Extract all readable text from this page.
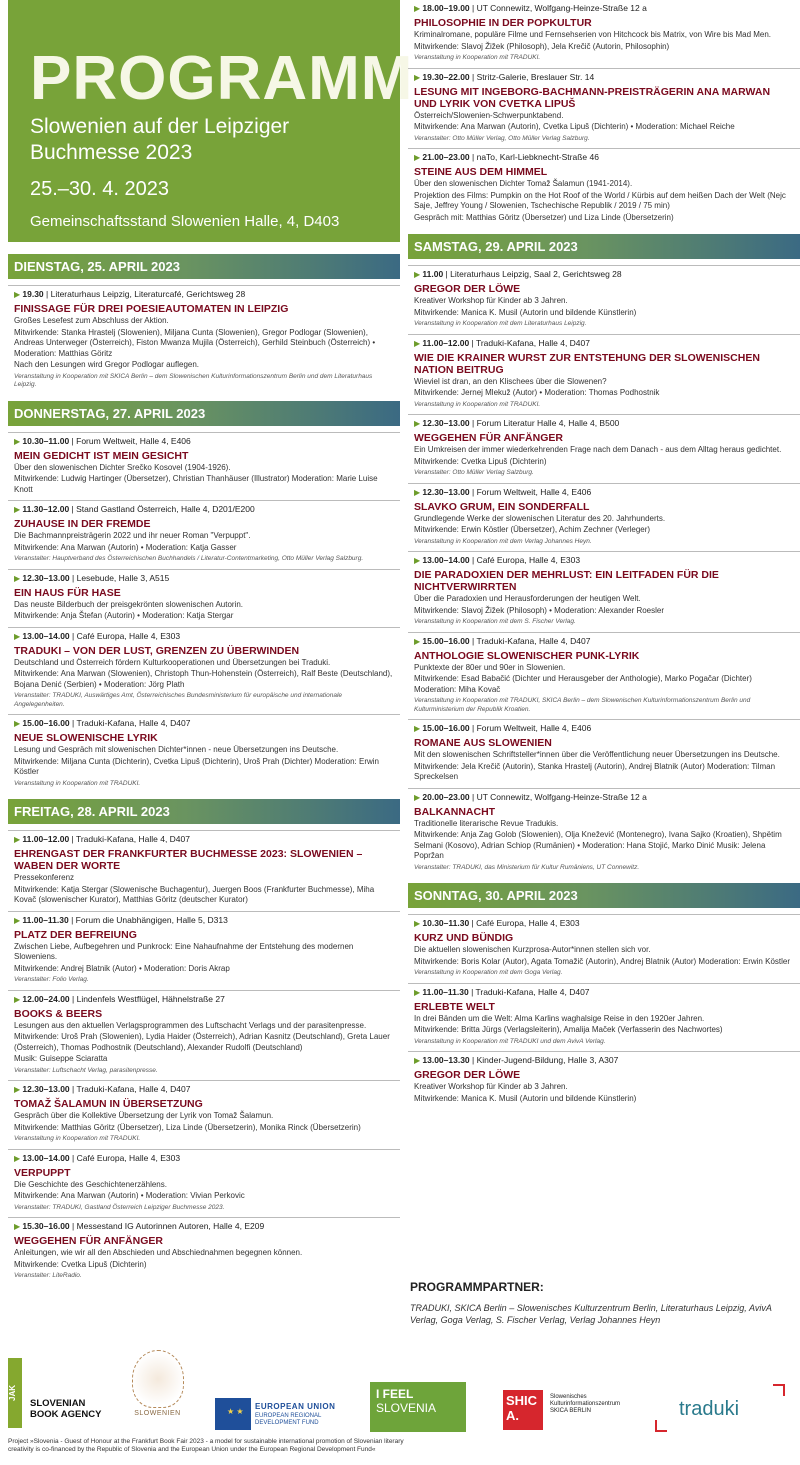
PROGRAMM
Slowenien auf der Leipziger Buchmesse 2023
25.–30. 4. 2023
Gemeinschaftsstand Slowenien Halle, 4, D403
DIENSTAG, 25. APRIL 2023
▶ 19.30 | Literaturhaus Leipzig, Literaturcafé, Gerichtsweg 28
FINISSAGE FÜR DREI POESIEAUTOMATEN IN LEIPZIG
Großes Lesefest zum Abschluss der Aktion.
Mitwirkende: Stanka Hrastelj (Slowenien), Miljana Cunta (Slowenien), Gregor Podlogar (Slowenien), Andreas Unterweger (Österreich), Fiston Mwanza Mujila (Österreich), Gerhild Steinbuch (Österreich) • Moderation: Matthias Göritz
Nach den Lesungen wird Gregor Podlogar auflegen.
Veranstaltung in Kooperation mit SKICA Berlin – dem Slowenischen Kulturinformationszentrum Berlin und dem Literaturhaus Leipzig.
DONNERSTAG, 27. APRIL 2023
▶ 10.30–11.00 | Forum Weltweit, Halle 4, E406
MEIN GEDICHT IST MEIN GESICHT
Über den slowenischen Dichter Srečko Kosovel (1904-1926).
Mitwirkende: Ludwig Hartinger (Übersetzer), Christian Thanhäuser (Illustrator) Moderation: Marie Luise Knott
▶ 11.30–12.00 | Stand Gastland Österreich, Halle 4, D201/E200
ZUHAUSE IN DER FREMDE
Die Bachmannpreisträgerin 2022 und ihr neuer Roman "Verpuppt".
Mitwirkende: Ana Marwan (Autorin) • Moderation: Katja Gasser
Veranstalter: Hauptverband des Österreichischen Buchhandels / Literatur-Contentmarketing, Otto Müller Verlag Salzburg.
▶ 12.30–13.00 | Lesebude, Halle 3, A515
EIN HAUS FÜR HASE
Das neuste Bilderbuch der preisgekrönten slowenischen Autorin.
Mitwirkende: Anja Štefan (Autorin) • Moderation: Katja Stergar
▶ 13.00–14.00 | Café Europa, Halle 4, E303
TRADUKI – VON DER LUST, GRENZEN ZU ÜBERWINDEN
Deutschland und Österreich fördern Kulturkooperationen und Übersetzungen bei Traduki.
Mitwirkende: Ana Marwan (Slowenien), Christoph Thun-Hohenstein (Österreich), Ralf Beste (Deutschland), Bojana Denić (Serbien) • Moderation: Jörg Plath
Veranstalter: TRADUKI, Auswärtiges Amt, Österreichisches Bundesministerium für europäische und internationale Angelegenheiten.
▶ 15.00–16.00 | Traduki-Kafana, Halle 4, D407
NEUE SLOWENISCHE LYRIK
Lesung und Gespräch mit slowenischen Dichter*innen - neue Übersetzungen ins Deutsche.
Mitwirkende: Miljana Cunta (Dichterin), Cvetka Lipuš (Dichterin), Uroš Prah (Dichter) Moderation: Erwin Köstler
Veranstaltung in Kooperation mit TRADUKI.
FREITAG, 28. APRIL 2023
▶ 11.00–12.00 | Traduki-Kafana, Halle 4, D407
EHRENGAST DER FRANKFURTER BUCHMESSE 2023: SLOWENIEN – WABEN DER WORTE
Pressekonferenz
Mitwirkende: Katja Stergar (Slowenische Buchagentur), Juergen Boos (Frankfurter Buchmesse), Miha Kovač (slowenischer Kurator), Matthias Göritz (deutscher Kurator)
▶ 11.00–11.30 | Forum die Unabhängigen, Halle 5, D313
PLATZ DER BEFREIUNG
Zwischen Liebe, Aufbegehren und Punkrock: Eine Nahaufnahme der Entstehung des modernen Sloweniens.
Mitwirkende: Andrej Blatnik (Autor) • Moderation: Doris Akrap
Veranstalter: Folio Verlag.
▶ 12.00–24.00 | Lindenfels Westflügel, Hähnelstraße 27
BOOKS & BEERS
Lesungen aus den aktuellen Verlagsprogrammen des Luftschacht Verlags und der parasitenpresse.
Mitwirkende: Uroš Prah (Slowenien), Lydia Haider (Österreich), Adrian Kasnitz (Deutschland), Greta Lauer (Österreich), Thomas Podhostnik (Deutschland), Alexander Rudolfi (Deutschland)
Musik: Guiseppe Sciaratta
Veranstalter: Luftschacht Verlag, parasitenpresse.
▶ 12.30–13.00 | Traduki-Kafana, Halle 4, D407
TOMAŽ ŠALAMUN IN ÜBERSETZUNG
Gespräch über die Kollektive Übersetzung der Lyrik von Tomaž Šalamun.
Mitwirkende: Matthias Göritz (Übersetzer), Liza Linde (Übersetzerin), Monika Rinck (Übersetzerin)
Veranstaltung in Kooperation mit TRADUKI.
▶ 13.00–14.00 | Café Europa, Halle 4, E303
VERPUPPT
Die Geschichte des Geschichtenerzählens.
Mitwirkende: Ana Marwan (Autorin) • Moderation: Vivian Perkovic
Veranstalter: TRADUKI, Gastland Österreich Leipziger Buchmesse 2023.
▶ 15.30–16.00 | Messestand IG Autorinnen Autoren, Halle 4, E209
WEGGEHEN FÜR ANFÄNGER
Anleitungen, wie wir all den Abschieden und Abschiednahmen begegnen können.
Mitwirkende: Cvetka Lipuš (Dichterin)
Veranstalter: LiteRadio.
▶ 18.00–19.00 | UT Connewitz, Wolfgang-Heinze-Straße 12 a
PHILOSOPHIE IN DER POPKULTUR
Kriminalromane, populäre Filme und Fernsehserien von Hitchcock bis Matrix, von Wire bis Mad Men.
Mitwirkende: Slavoj Žižek (Philosoph), Jela Krečič (Autorin, Philosophin)
Veranstaltung in Kooperation mit TRADUKI.
▶ 19.30–22.00 | Stritz-Galerie, Breslauer Str. 14
LESUNG MIT INGEBORG-BACHMANN-PREISTRÄGERIN ANA MARWAN UND LYRIK VON CVETKA LIPUŠ
Österreich/Slowenien-Schwerpunktabend.
Mitwirkende: Ana Marwan (Autorin), Cvetka Lipuš (Dichterin) • Moderation: Michael Reiche
Veranstalter: Otto Müller Verlag, Otto Müller Verlag Salzburg.
▶ 21.00–23.00 | naTo, Karl-Liebknecht-Straße 46
STEINE AUS DEM HIMMEL
Über den slowenischen Dichter Tomaž Šalamun (1941-2014).
Projektion des Films: Pumpkin on the Hot Roof of the World / Kürbis auf dem heißen Dach der Welt (Nejc Saje, Jeffrey Young / Slowenien, Tschechische Republik / 2019 / 75 min)
Gespräch mit: Matthias Göritz (Übersetzer) und Liza Linde (Übersetzerin)
SAMSTAG, 29. APRIL 2023
▶ 11.00 | Literaturhaus Leipzig, Saal 2, Gerichtsweg 28
GREGOR DER LÖWE
Kreativer Workshop für Kinder ab 3 Jahren.
Mitwirkende: Manica K. Musil (Autorin und bildende Künstlerin)
Veranstaltung in Kooperation mit dem Literaturhaus Leipzig.
▶ 11.00–12.00 | Traduki-Kafana, Halle 4, D407
WIE DIE KRAINER WURST ZUR ENTSTEHUNG DER SLOWENISCHEN NATION BEITRUG
Wieviel ist dran, an den Klischees über die Slowenen?
Mitwirkende: Jernej Mlekuž (Autor) • Moderation: Thomas Podhostnik
Veranstaltung in Kooperation mit TRADUKI.
▶ 12.30–13.00 | Forum Literatur Halle 4, Halle 4, B500
WEGGEHEN FÜR ANFÄNGER
Ein Umkreisen der immer wiederkehrenden Frage nach dem Danach - aus dem Alltag heraus gedichtet.
Mitwirkende: Cvetka Lipuš (Dichterin)
Veranstalter: Otto Müller Verlag Salzburg.
▶ 12.30–13.00 | Forum Weltweit, Halle 4, E406
SLAVKO GRUM, EIN SONDERFALL
Grundlegende Werke der slowenischen Literatur des 20. Jahrhunderts.
Mitwirkende: Erwin Köstler (Übersetzer), Achim Zechner (Verleger)
Veranstaltung in Kooperation mit dem Verlag Johannes Heyn.
▶ 13.00–14.00 | Café Europa, Halle 4, E303
DIE PARADOXIEN DER MEHRLUST: EIN LEITFADEN FÜR DIE NICHTVERWIRRTEN
Über die Paradoxien und Herausforderungen der heutigen Welt.
Mitwirkende: Slavoj Žižek (Philosoph) • Moderation: Alexander Roesler
Veranstaltung in Kooperation mit dem S. Fischer Verlag.
▶ 15.00–16.00 | Traduki-Kafana, Halle 4, D407
ANTHOLOGIE SLOWENISCHER PUNK-LYRIK
Punktexte der 80er und 90er in Slowenien.
Mitwirkende: Esad Babačić (Dichter und Herausgeber der Anthologie), Marko Pogačar (Dichter) Moderation: Miha Kovač
Veranstaltung in Kooperation mit TRADUKI, SKICA Berlin – dem Slowenischen Kulturinformationszentrum Berlin und Kulturministerium der Republik Kroatien.
▶ 15.00–16.00 | Forum Weltweit, Halle 4, E406
ROMANE AUS SLOWENIEN
Mit den slowenischen Schriftsteller*innen über die Veröffentlichung neuer Übersetzungen ins Deutsche.
Mitwirkende: Jela Krečič (Autorin), Stanka Hrastelj (Autorin), Andrej Blatnik (Autor) Moderation: Tilman Spreckelsen
▶ 20.00–23.00 | UT Connewitz, Wolfgang-Heinze-Straße 12 a
BALKANNACHT
Traditionelle literarische Revue Tradukis.
Mitwirkende: Anja Zag Golob (Slowenien), Olja Knežević (Montenegro), Ivana Sajko (Kroatien), Shpëtim Selmani (Kosovo), Adrian Schiop (Rumänien) • Moderation: Hana Stojić, Marko Dinić Musik: Jelena Popržan
Veranstalter: TRADUKI, das Ministerium für Kultur Rumäniens, UT Connewitz.
SONNTAG, 30. APRIL 2023
▶ 10.30–11.30 | Café Europa, Halle 4, E303
KURZ UND BÜNDIG
Die aktuellen slowenischen Kurzprosa-Autor*innen stellen sich vor.
Mitwirkende: Boris Kolar (Autor), Agata Tomažič (Autorin), Andrej Blatnik (Autor) Moderation: Erwin Köstler
Veranstaltung in Kooperation mit dem Goga Verlag.
▶ 11.00–11.30 | Traduki-Kafana, Halle 4, D407
ERLEBTE WELT
In drei Bänden um die Welt: Alma Karlins waghalsige Reise in den 1920er Jahren.
Mitwirkende: Britta Jürgs (Verlagsleiterin), Amalija Maček (Verfasserin des Nachwortes)
Veranstaltung in Kooperation mit TRADUKI und dem AvivA Verlag.
▶ 13.00–13.30 | Kinder-Jugend-Bildung, Halle 3, A307
GREGOR DER LÖWE
Kreativer Workshop für Kinder ab 3 Jahren.
Mitwirkende: Manica K. Musil (Autorin und bildende Künstlerin)
PROGRAMMPARTNER:

TRADUKI, SKICA Berlin – Slowenisches Kulturzentrum Berlin, Literaturhaus Leipzig, AvivA Verlag, Goga Verlag, S. Fischer Verlag, Verlag Johannes Heyn

JAK
SLOVENIAN BOOK AGENCY	SLOWENIEN	★ ★
EUROPEAN UNION
EUROPEAN REGIONAL DEVELOPMENT FUND
I FEEL
SLOVENIA	SHIC A.
Slowenisches Kulturinformationszentrum SKICA BERLIN	traduki
Project »Slovenia - Guest of Honour at the Frankfurt Book Fair 2023 - a model for sustainable international promotion of Slovenian literary creativity is co-financed by the Republic of Slovenia and the European Union under the European Regional Development Fund«
